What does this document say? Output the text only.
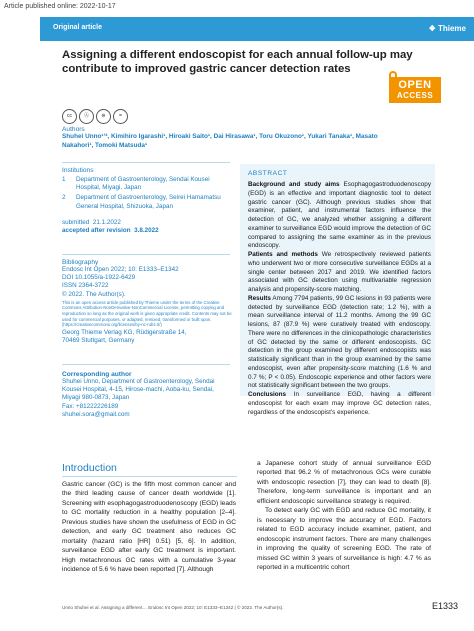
Article published online: 2022-10-17
Original article	❖ Thieme
Assigning a different endoscopist for each annual follow-up may contribute to improved gastric cancer detection rates
OPEN
ACCESS
cc	Ⓐ	⊜	=
Authors
Shuhei Unno¹ʼ², Kimihiro Igarashi¹, Hiroaki Saito¹, Dai Hirasawa¹, Toru Okuzono¹, Yukari Tanaka¹, Masato Nakahori¹, Tomoki Matsuda¹
Institutions
1	Department of Gastroenterology, Sendai Kousei Hospital, Miyagi, Japan
2	Department of Gastroenterology, Seirei Hamamatsu General Hospital, Shizuoka, Japan
submitted 21.1.2022
accepted after revision 3.8.2022
Bibliography
Endosc Int Open 2022; 10: E1333–E1342
DOI 10.1055/a-1922-6429
ISSN 2364-3722
© 2022. The Author(s).
This is an open access article published by Thieme under the terms of the Creative Commons Attribution-NonDerivative-NonCommercial License, permitting copying and reproduction so long as the original work is given appropriate credit. Contents may not be used for commercial purposes, or adapted, remixed, transformed or built upon. (https://creativecommons.org/licenses/by-nc-nd/4.0/)
Georg Thieme Verlag KG, Rüdigerstraße 14,
70469 Stuttgart, Germany
Corresponding author
Shuhei Unno, Department of Gastroenterology, Sendai Kousei Hospital, 4-15, Hirose-machi, Aoba-ku, Sendai, Miyagi 980-0873, Japan
Fax: +81222226189
shuhei.sora@gmail.com
ABSTRACT

Background and study aims Esophagogastroduodenoscopy (EGD) is an effective and important diagnostic tool to detect gastric cancer (GC). Although previous studies show that examiner, patient, and instrumental factors influence the detection of GC, we analyzed whether assigning a different examiner to surveillance EGD would improve the detection of GC compared to assigning the same examiner as in the previous endoscopy.

Patients and methods We retrospectively reviewed patients who underwent two or more consecutive surveillance EGDs at a single center between 2017 and 2019. We identified factors associated with GC detection using multivariable regression analysis and propensity-score matching.

Results Among 7794 patients, 99 GC lesions in 93 patients were detected by surveillance EGD (detection rate; 1.2 %), with a mean surveillance interval of 11.2 months. Among the 99 GC lesions, 87 (87.9 %) were curatively treated with endoscopy. There were no differences in the clinicopathologic characteristics of GC detected by the same or different endoscopists. GC detection in the group examined by different endoscopists was statistically significant than in the group examined by the same endoscopist, even after propensity-score matching (1.6 % and 0.7 %; P < 0.05). Endoscopic experience and other factors were not statistically significant between the two groups.

Conclusions In surveillance EGD, having a different endoscopist for each exam may improve GC detection rates, regardless of the endoscopist’s experience.

Introduction

Gastric cancer (GC) is the fifth most common cancer and the third leading cause of cancer death worldwide [1]. Screening with esophagogastroduodenoscopy (EGD) leads to GC mortality reduction in a healthy population [2–4]. Previous studies have shown the usefulness of EGD in GC detection, and early GC treatment also reduces GC mortality (hazard ratio [HR] 0.51) [5, 6]. In addition, surveillance EGD after early GC treatment is important. High metachronous GC rates with a cumulative 3-year incidence of 5.6 % have been reported [7]. Although

a Japanese cohort study of annual surveillance EGD reported that 96.2 % of metachronous GCs were curable with endoscopic resection [7], they can lead to death [8]. Therefore, long-term surveillance is important and an efficient endoscopic surveillance strategy is required.

To detect early GC with EGD and reduce GC mortality, it is necessary to improve the accuracy of EGD. Factors related to EGD accuracy include examiner, patient, and endoscopic instrument factors. There are many challenges in improving the quality of screening EGD. The rate of missed GC within 3 years of surveillance is high: 4.7 % as reported in a multicentric cohort

Unno Shuhei et al. Assigning a different… Endosc Int Open 2022; 10: E1333–E1342 | © 2022. The Author(s).	E1333
